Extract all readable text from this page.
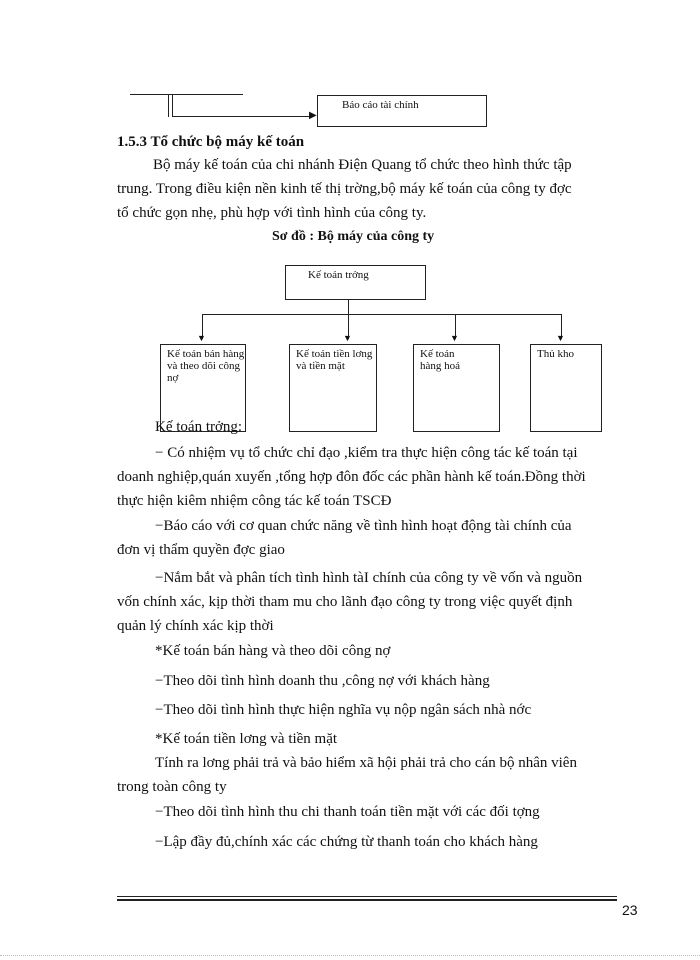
▶
Báo cáo tài chính
1.5.3 Tổ chức bộ máy kế toán
Bộ máy kế toán của chi nhánh Điện Quang tổ chức theo hình thức tập
trung. Trong điều kiện nền kinh tế thị trờng,bộ máy kế toán của công ty đợc
tổ chức gọn nhẹ, phù hợp với tình hình của công ty.
Sơ đồ : Bộ máy của công ty
Kế toán trởng
▼	▼	▼	▼
Kế toán bán hàng và theo dõi công nợ
Kế toán tiền lơng và tiền mặt
Kế toán hàng hoá
Thủ kho
Kế toán trởng:
− Có nhiệm vụ tổ chức chỉ đạo ,kiểm tra thực hiện công tác kế toán tại
doanh nghiệp,quán xuyến ,tổng hợp đôn đốc các phần hành kế toán.Đồng thời
thực hiện kiêm nhiệm công tác kế toán TSCĐ
−Báo cáo với cơ quan chức năng về tình hình hoạt động tài chính của
đơn vị thẩm quyền đợc giao
−Nắm bắt và phân tích tình hình tàI chính của công ty về vốn và nguồn
vốn chính xác, kịp thời tham mu cho lãnh đạo công ty trong việc quyết định
quản lý chính xác kịp thời
*Kế toán bán hàng và theo dõi công nợ
−Theo dõi tình hình doanh thu ,công nợ với khách hàng
−Theo dõi tình hình thực hiện nghĩa vụ nộp ngân sách nhà nớc
*Kế toán tiền lơng và tiền mặt
Tính ra lơng phải trả và bảo hiểm xã hội phải trả cho cán bộ nhân viên
trong toàn công ty
−Theo dõi tình hình thu chi thanh toán tiền mặt với các đối tợng
−Lập đầy đủ,chính xác các chứng từ thanh toán cho khách hàng
23
